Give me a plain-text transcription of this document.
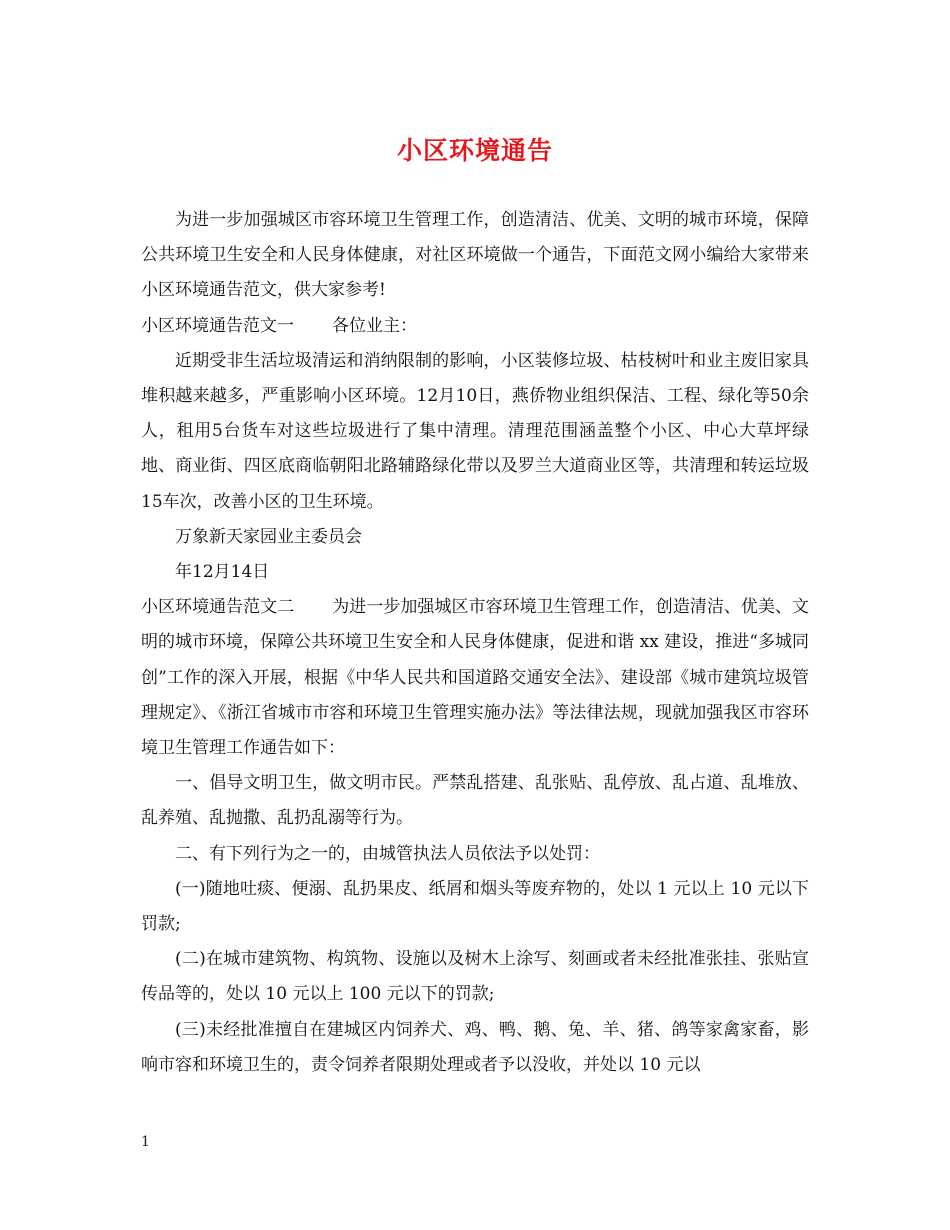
小区环境通告

为进一步加强城区市容环境卫生管理工作，创造清洁、优美、文明的城市环境，保障公共环境卫生安全和人民身体健康，对社区环境做一个通告，下面范文网小编给大家带来小区环境通告范文，供大家参考!

小区环境通告范文一 各位业主：

近期受非生活垃圾清运和消纳限制的影响，小区装修垃圾、枯枝树叶和业主废旧家具堆积越来越多，严重影响小区环境。12月10日，燕侨物业组织保洁、工程、绿化等50余人，租用5台货车对这些垃圾进行了集中清理。清理范围涵盖整个小区、中心大草坪绿地、商业街、四区底商临朝阳北路辅路绿化带以及罗兰大道商业区等，共清理和转运垃圾15车次，改善小区的卫生环境。

万象新天家园业主委员会

年12月14日

小区环境通告范文二 为进一步加强城区市容环境卫生管理工作，创造清洁、优美、文明的城市环境，保障公共环境卫生安全和人民身体健康，促进和谐 xx 建设，推进“多城同创”工作的深入开展，根据《中华人民共和国道路交通安全法》、建设部《城市建筑垃圾管理规定》、《浙江省城市市容和环境卫生管理实施办法》等法律法规，现就加强我区市容环境卫生管理工作通告如下：

一、倡导文明卫生，做文明市民。严禁乱搭建、乱张贴、乱停放、乱占道、乱堆放、乱养殖、乱抛撒、乱扔乱溺等行为。

二、有下列行为之一的，由城管执法人员依法予以处罚：

(一)随地吐痰、便溺、乱扔果皮、纸屑和烟头等废弃物的，处以 1 元以上 10 元以下罚款;

(二)在城市建筑物、构筑物、设施以及树木上涂写、刻画或者未经批准张挂、张贴宣传品等的，处以 10 元以上 100 元以下的罚款;

(三)未经批准擅自在建城区内饲养犬、鸡、鸭、鹅、兔、羊、猪、鸽等家禽家畜，影响市容和环境卫生的，责令饲养者限期处理或者予以没收，并处以 10 元以

1
